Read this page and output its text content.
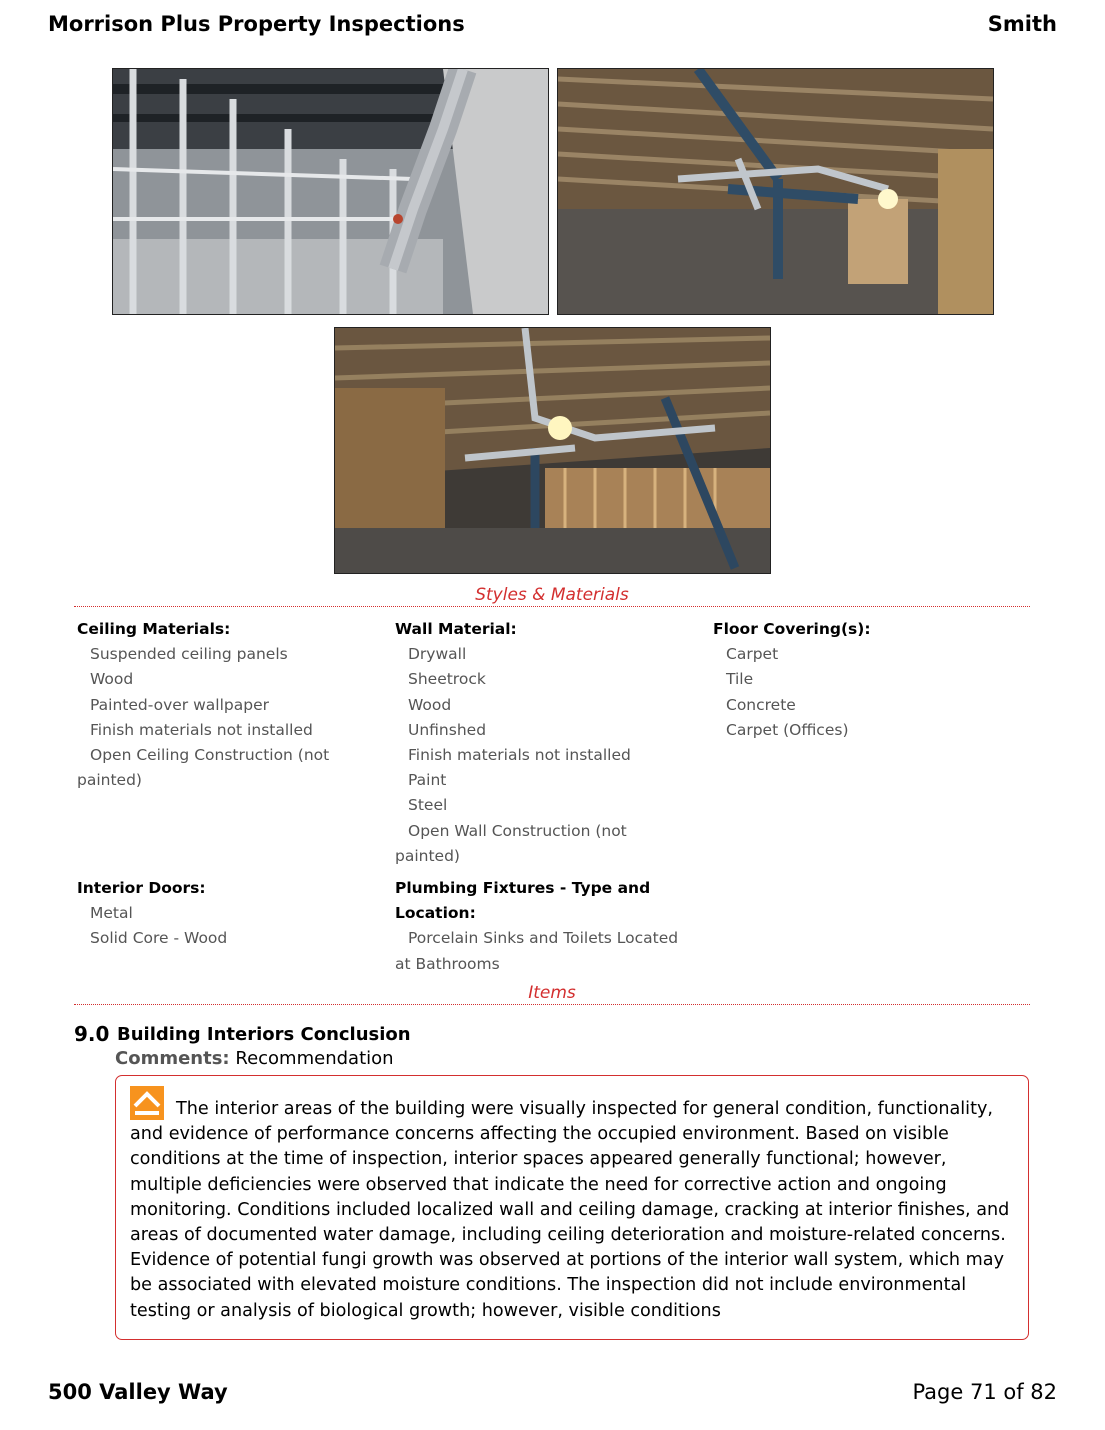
Morrison Plus Property Inspections	Smith
Styles & Materials
Ceiling Materials:
Suspended ceiling panels
Wood
Painted-over wallpaper
Finish materials not installed
Open Ceiling Construction (not painted)
Wall Material:
Drywall
Sheetrock
Wood
Unfinshed
Finish materials not installed
Paint
Steel
Open Wall Construction (not painted)
Floor Covering(s):
Carpet
Tile
Concrete
Carpet (Offices)
Interior Doors:
Metal
Solid Core - Wood
Plumbing Fixtures - Type and Location:
Porcelain Sinks and Toilets Located at Bathrooms
Items
9.0 Building Interiors Conclusion
Comments: Recommendation
The interior areas of the building were visually inspected for general condition, functionality, and evidence of performance concerns affecting the occupied environment. Based on visible conditions at the time of inspection, interior spaces appeared generally functional; however, multiple deficiencies were observed that indicate the need for corrective action and ongoing monitoring. Conditions included localized wall and ceiling damage, cracking at interior finishes, and areas of documented water damage, including ceiling deterioration and moisture-related concerns. Evidence of potential fungi growth was observed at portions of the interior wall system, which may be associated with elevated moisture conditions. The inspection did not include environmental testing or analysis of biological growth; however, visible conditions
500 Valley Way	Page 71 of 82
